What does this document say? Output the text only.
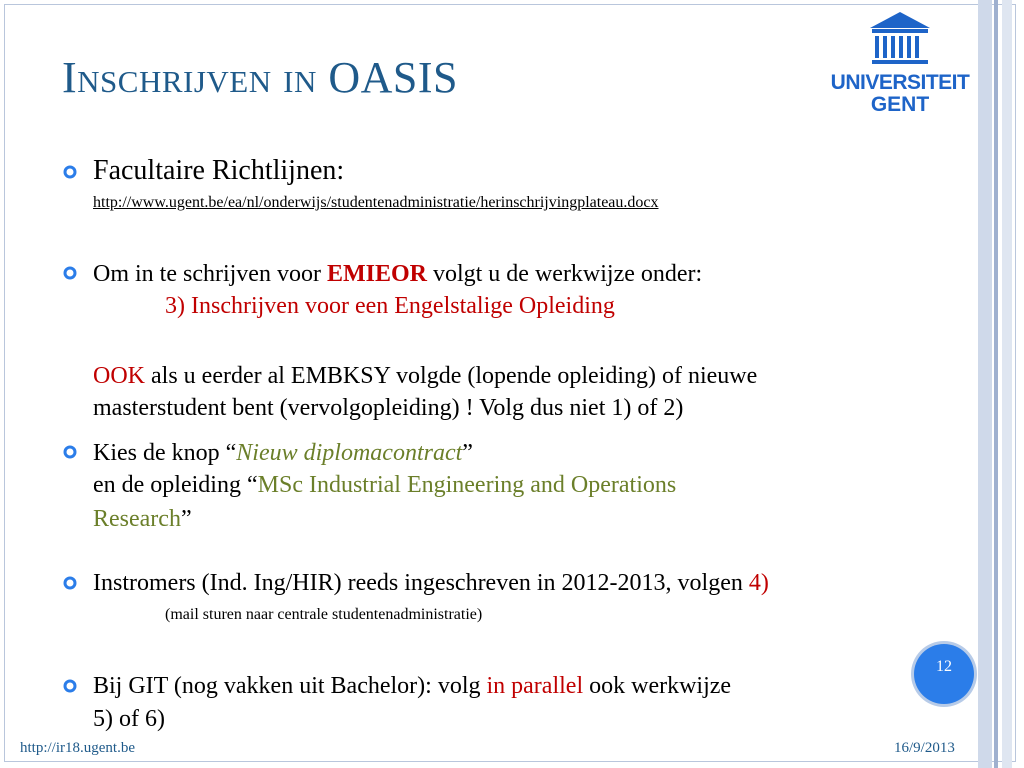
Inschrijven in OASIS	UNIVERSITEIT
GENT
Facultaire Richtlijnen:
http://www.ugent.be/ea/nl/onderwijs/studentenadministratie/herinschrijvingplateau.docx
Om in te schrijven voor EMIEOR volgt u de werkwijze onder:
3) Inschrijven voor een Engelstalige Opleiding
OOK als u eerder al EMBKSY volgde (lopende opleiding) of nieuwe
masterstudent bent (vervolgopleiding) ! Volg dus niet 1) of 2)
Kies de knop “Nieuw diplomacontract”
en de opleiding “MSc Industrial Engineering and Operations
Research”
Instromers (Ind. Ing/HIR) reeds ingeschreven in 2012-2013, volgen 4)
(mail sturen naar centrale studentenadministratie)
Bij GIT (nog vakken uit Bachelor): volg in parallel ook werkwijze
5) of 6)
12
http://ir18.ugent.be	16/9/2013
